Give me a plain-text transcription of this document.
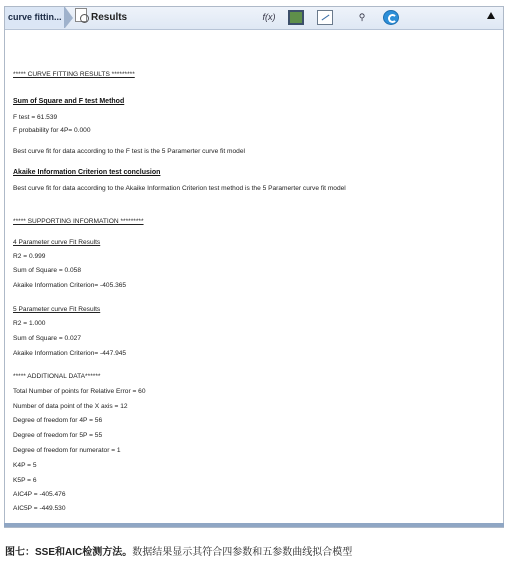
curve fittin...	Results	f(x)	⚲
***** CURVE FITTING RESULTS *********
Sum of Square and F test Method
F test = 61.539
F probability for 4P= 0.000
Best curve fit for data according to the F test is the 5 Paramerter curve fit model
Akaike Information Criterion test conclusion
Best curve fit for data according to the Akaike Information Criterion test method is the 5 Paramerter curve fit model
***** SUPPORTING INFORMATION *********
4 Parameter curve Fit Results
R2 = 0.999
Sum of Square = 0.058
Akaike Information Criterion= -405.365
5 Parameter curve Fit Results
R2 = 1.000
Sum of Square = 0.027
Akaike Information Criterion= -447.945
***** ADDITIONAL DATA******
Total Number of points for Relative Error = 60
Number of data point of the X axis = 12
Degree of freedom for 4P = 56
Degree of freedom for 5P = 55
Degree of freedom for numerator = 1
K4P = 5
K5P = 6
AIC4P = -405.476
AIC5P = -449.530
图七：SSE和AIC检测方法。数据结果显示其符合四参数和五参数曲线拟合模型
